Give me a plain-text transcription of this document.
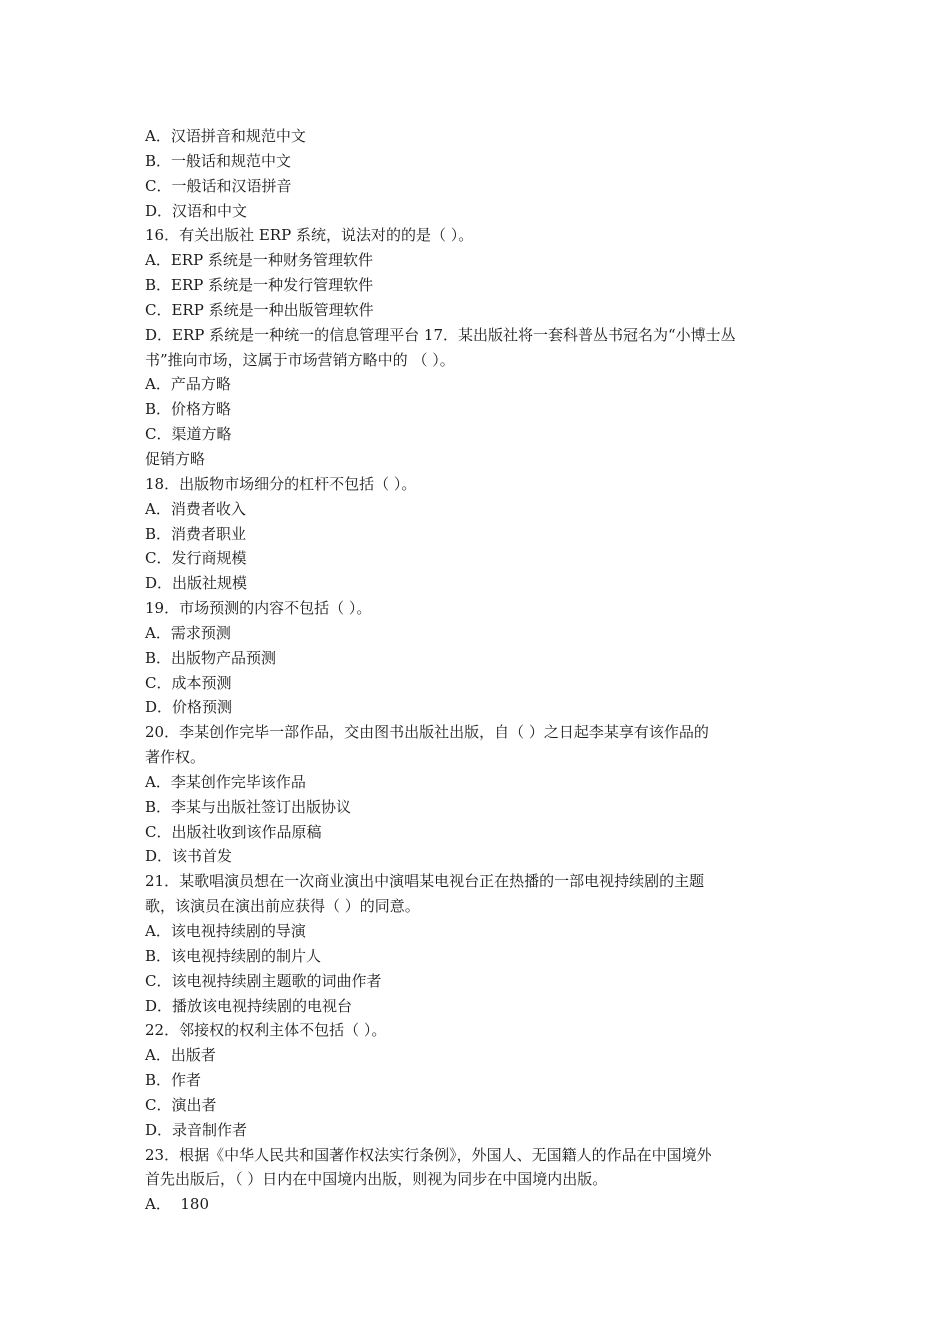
A．汉语拼音和规范中文
B．一般话和规范中文
C．一般话和汉语拼音
D．汉语和中文
16．有关出版社 ERP 系统，说法对的的是（ ）。
A．ERP 系统是一种财务管理软件
B．ERP 系统是一种发行管理软件
C．ERP 系统是一种出版管理软件
D．ERP 系统是一种统一的信息管理平台 17．某出版社将一套科普丛书冠名为“小博士丛
书”推向市场，这属于市场营销方略中的 （ ）。
A．产品方略
B．价格方略
C．渠道方略
促销方略
18．出版物市场细分的杠杆不包括（ ）。
A．消费者收入
B．消费者职业
C．发行商规模
D．出版社规模
19．市场预测的内容不包括（ ）。
A．需求预测
B．出版物产品预测
C．成本预测
D．价格预测
20．李某创作完毕一部作品，交由图书出版社出版，自（ ）之日起李某享有该作品的
著作权。
A．李某创作完毕该作品
B．李某与出版社签订出版协议
C．出版社收到该作品原稿
D．该书首发
21．某歌唱演员想在一次商业演出中演唱某电视台正在热播的一部电视持续剧的主题
歌，该演员在演出前应获得（ ）的同意。
A．该电视持续剧的导演
B．该电视持续剧的制片人
C．该电视持续剧主题歌的词曲作者
D．播放该电视持续剧的电视台
22．邻接权的权利主体不包括（ ）。
A．出版者
B．作者
C．演出者
D．录音制作者
23．根据《中华人民共和国著作权法实行条例》，外国人、无国籍人的作品在中国境外
首先出版后，（ ）日内在中国境内出版，则视为同步在中国境内出版。
A．  180
